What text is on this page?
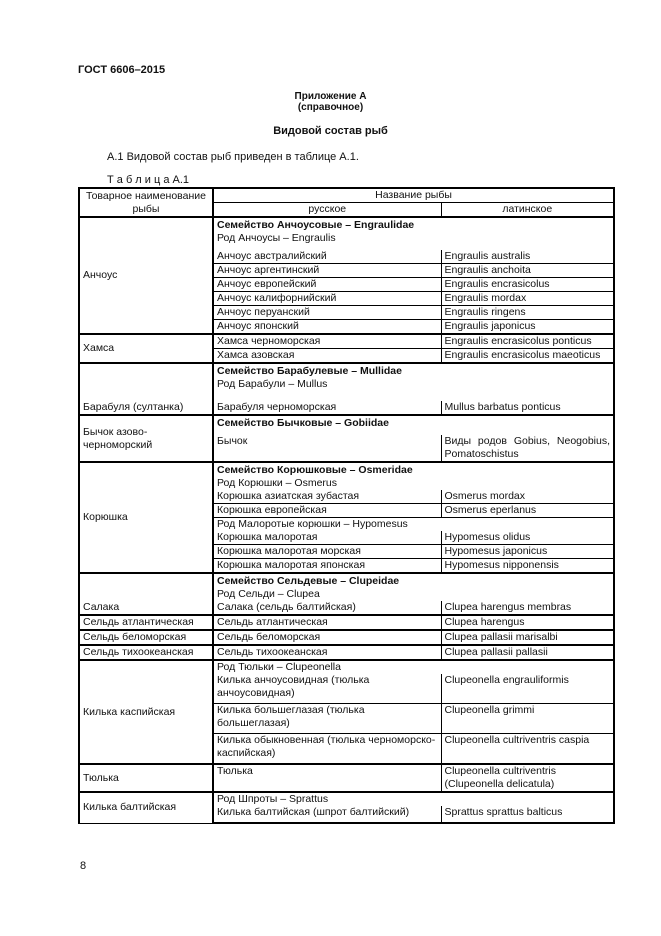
ГОСТ 6606–2015
Приложение А
(справочное)
Видовой состав рыб
А.1 Видовой состав рыб приведен в таблице А.1.
Т а б л и ц а А.1
Товарное наименование рыбы	Название рыбы	
	русское	латинское
Анчоус	Семейство Анчоусовые – Engraulidae	
	Род Анчоусы – Engraulis	
	Анчоус австралийский	Engraulis australis
	Анчоус аргентинский	Engraulis anchoita
	Анчоус европейский	Engraulis encrasicolus
	Анчоус калифорнийский	Engraulis mordax
	Анчоус перуанский	Engraulis ringens
	Анчоус японский	Engraulis japonicus
Хамса	Хамса черноморская	Engraulis encrasicolus ponticus
	Хамса азовская	Engraulis encrasicolus maeoticus
Барабуля (султанка)	Семейство Барабулевые – Mullidae	
	Род Барабули – Mullus	
	Барабуля черноморская	Mullus barbatus ponticus
Бычок азово-черноморский	Семейство Бычковые – Gobiidae	
	Бычок	Виды родов Gobius, Neogobius, Pomatoschistus
Корюшка	Семейство Корюшковые – Osmeridae	
	Род Корюшки – Osmerus	
	Корюшка азиатская зубастая	Osmerus mordax
	Корюшка европейская	Osmerus eperlanus
	Род Малоротые корюшки – Hypomesus	
	Корюшка малоротая	Hypomesus olidus
	Корюшка малоротая морская	Hypomesus japonicus
	Корюшка малоротая японская	Hypomesus nipponensis
Салака	Семейство Сельдевые – Clupeidae	
	Род Сельди – Clupea	
	Салака (сельдь балтийская)	Clupea harengus membras
Сельдь атлантическая	Сельдь атлантическая	Clupea harengus
Сельдь беломорская	Сельдь беломорская	Clupea pallasii marisalbi
Сельдь тихоокеанская	Сельдь тихоокеанская	Clupea pallasii pallasii
Килька каспийская	Род Тюльки – Clupeonella	
	Килька анчоусовидная (тюлька анчоусовидная)	Clupeonella engrauliformis
	Килька большеглазая (тюлька большеглазая)	Clupeonella grimmi
	Килька обыкновенная (тюлька черноморско-каспийская)	Clupeonella cultriventris caspia
Тюлька	Тюлька	Clupeonella cultriventris (Clupeonella delicatula)
Килька балтийская	Род Шпроты – Sprattus	
	Килька балтийская (шпрот балтийский)	Sprattus sprattus balticus
8
